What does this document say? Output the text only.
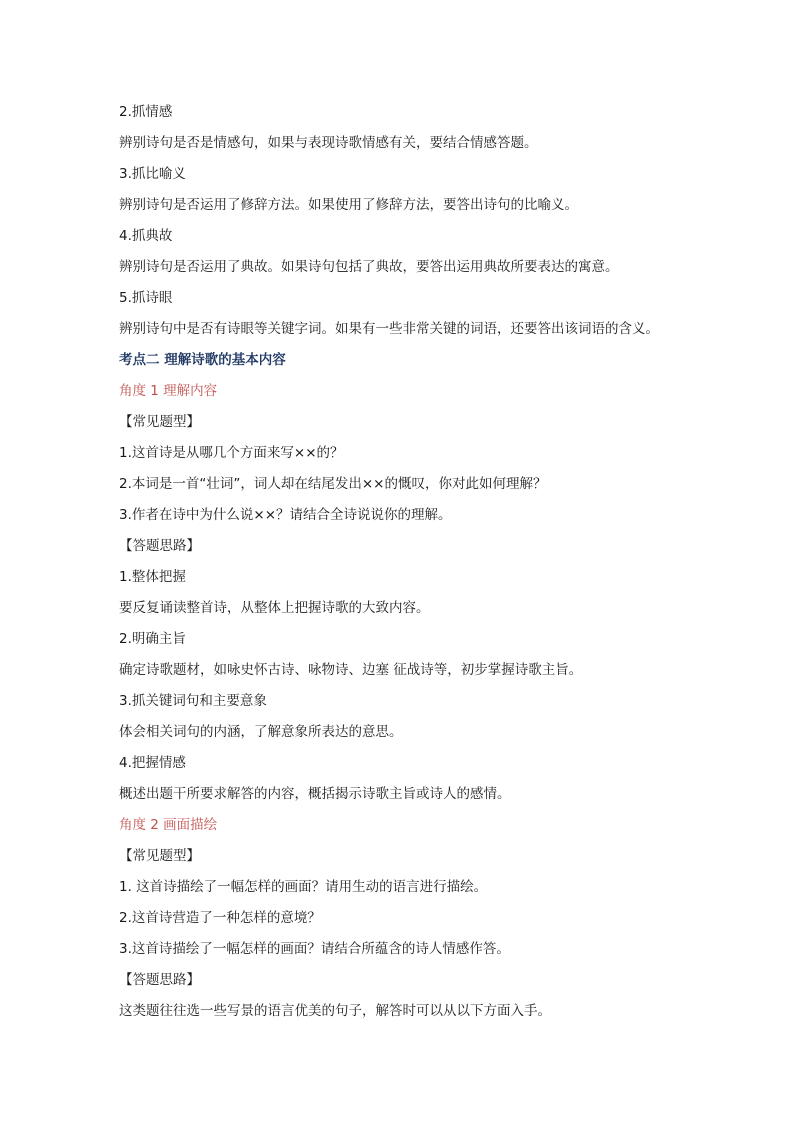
2.抓情感

辨别诗句是否是情感句，如果与表现诗歌情感有关，要结合情感答题。

3.抓比喻义

辨别诗句是否运用了修辞方法。如果使用了修辞方法，要答出诗句的比喻义。

4.抓典故

辨别诗句是否运用了典故。如果诗句包括了典故，要答出运用典故所要表达的寓意。

5.抓诗眼

辨别诗句中是否有诗眼等关键字词。如果有一些非常关键的词语，还要答出该词语的含义。

考点二 理解诗歌的基本内容

角度 1 理解内容

【常见题型】

1.这首诗是从哪几个方面来写××的？

2.本词是一首“壮词”，词人却在结尾发出××的慨叹，你对此如何理解？

3.作者在诗中为什么说××？请结合全诗说说你的理解。

【答题思路】

1.整体把握

要反复诵读整首诗，从整体上把握诗歌的大致内容。

2.明确主旨

确定诗歌题材，如咏史怀古诗、咏物诗、边塞 征战诗等，初步掌握诗歌主旨。

3.抓关键词句和主要意象

体会相关词句的内涵，了解意象所表达的意思。

4.把握情感

概述出题干所要求解答的内容，概括揭示诗歌主旨或诗人的感情。

角度 2 画面描绘

【常见题型】

1. 这首诗描绘了一幅怎样的画面？请用生动的语言进行描绘。

2.这首诗营造了一种怎样的意境？

3.这首诗描绘了一幅怎样的画面？请结合所蕴含的诗人情感作答。

【答题思路】

这类题往往选一些写景的语言优美的句子，解答时可以从以下方面入手。
